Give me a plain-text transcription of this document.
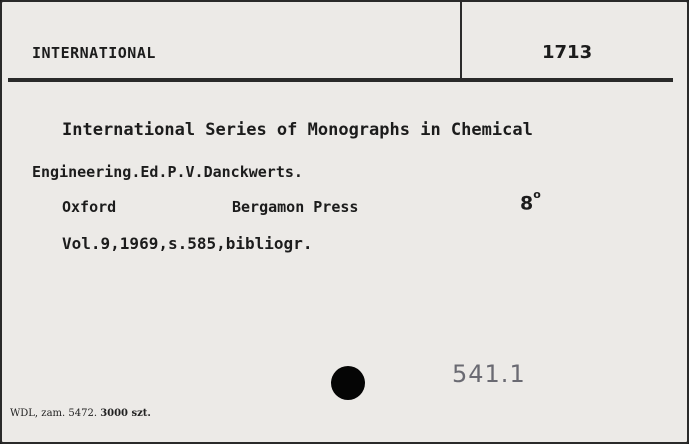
INTERNATIONAL	1713
International Series of Monographs in Chemical
Engineering.Ed.P.V.Danckwerts.
Oxford	Bergamon Press	8$^o$
Vol.9,1969,s.585,bibliogr.
541.1
WDL, zam. 5472. 3000 szt.
